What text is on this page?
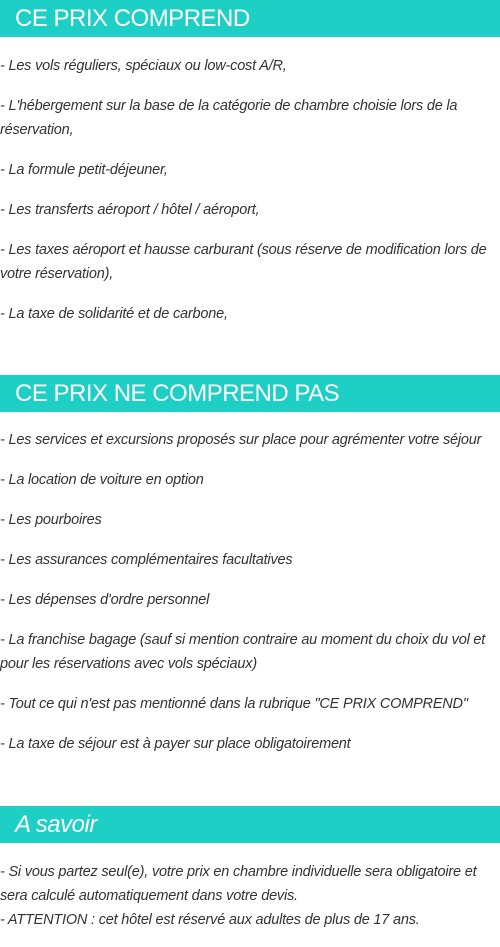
CE PRIX COMPREND
- Les vols réguliers, spéciaux ou low-cost A/R,
- L'hébergement sur la base de la catégorie de chambre choisie lors de la réservation,
- La formule petit-déjeuner,
- Les transferts aéroport / hôtel / aéroport,
- Les taxes aéroport et hausse carburant (sous réserve de modification lors de votre réservation),
- La taxe de solidarité et de carbone,
CE PRIX NE COMPREND PAS
- Les services et excursions proposés sur place pour agrémenter votre séjour
- La location de voiture en option
- Les pourboires
- Les assurances complémentaires facultatives
- Les dépenses d'ordre personnel
- La franchise bagage (sauf si mention contraire au moment du choix du vol et pour les réservations avec vols spéciaux)
- Tout ce qui n'est pas mentionné dans la rubrique "CE PRIX COMPREND"
- La taxe de séjour est à payer sur place obligatoirement
A savoir
- Si vous partez seul(e), votre prix en chambre individuelle sera obligatoire et sera calculé automatiquement dans votre devis.
- ATTENTION : cet hôtel est réservé aux adultes de plus de 17 ans.
